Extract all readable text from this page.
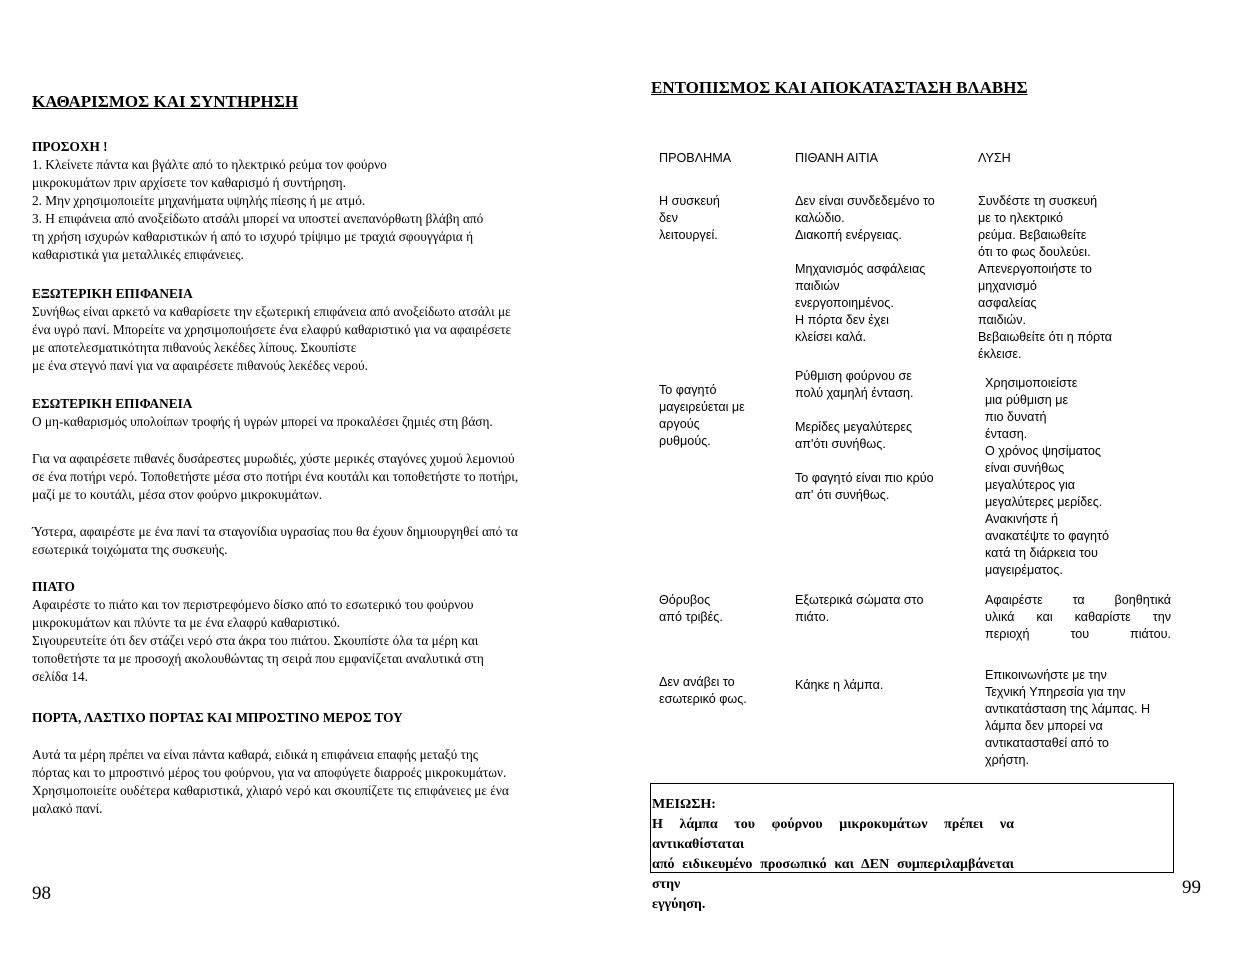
ΚΑΘΑΡΙΣΜΟΣ ΚΑΙ ΣΥΝΤΗΡΗΣΗ
ΠΡΟΣΟΧΗ !
1. Κλείνετε πάντα και βγάλτε από το ηλεκτρικό ρεύμα τον φούρνο
μικροκυμάτων πριν αρχίσετε τον καθαρισμό ή συντήρηση.
2. Μην χρησιμοποιείτε μηχανήματα υψηλής πίεσης ή με ατμό.
3. Η επιφάνεια από ανοξείδωτο ατσάλι μπορεί να υποστεί ανεπανόρθωτη βλάβη από
τη χρήση ισχυρών καθαριστικών ή από το ισχυρό τρίψιμο με τραχιά σφουγγάρια ή
καθαριστικά για μεταλλικές επιφάνειες.
ΕΞΩΤΕΡΙΚΗ ΕΠΙΦΑΝΕΙΑ
Συνήθως είναι αρκετό να καθαρίσετε την εξωτερική επιφάνεια από ανοξείδωτο ατσάλι με
ένα υγρό πανί. Μπορείτε να χρησιμοποιήσετε ένα ελαφρύ καθαριστικό για να αφαιρέσετε
με αποτελεσματικότητα πιθανούς λεκέδες λίπους. Σκουπίστε
με ένα στεγνό πανί για να αφαιρέσετε πιθανούς λεκέδες νερού.
ΕΣΩΤΕΡΙΚΗ ΕΠΙΦΑΝΕΙΑ
Ο μη-καθαρισμός υπολοίπων τροφής ή υγρών μπορεί να προκαλέσει ζημιές στη βάση.
Για να αφαιρέσετε πιθανές δυσάρεστες μυρωδιές, χύστε μερικές σταγόνες χυμού λεμονιού
σε ένα ποτήρι νερό. Τοποθετήστε μέσα στο ποτήρι ένα κουτάλι και τοποθετήστε το ποτήρι,
μαζί με το κουτάλι, μέσα στον φούρνο μικροκυμάτων.
Ύστερα, αφαιρέστε με ένα πανί τα σταγονίδια υγρασίας που θα έχουν δημιουργηθεί από τα
εσωτερικά τοιχώματα της συσκευής.
ΠΙΑΤΟ
Αφαιρέστε το πιάτο και τον περιστρεφόμενο δίσκο από το εσωτερικό του φούρνου
μικροκυμάτων και πλύντε τα με ένα ελαφρύ καθαριστικό.
Σιγουρευτείτε ότι δεν στάζει νερό στα άκρα του πιάτου. Σκουπίστε όλα τα μέρη και
τοποθετήστε τα με προσοχή ακολουθώντας τη σειρά που εμφανίζεται αναλυτικά στη
σελίδα 14.
ΠΟΡΤΑ, ΛΑΣΤΙΧΟ ΠΟΡΤΑΣ ΚΑΙ ΜΠΡΟΣΤΙΝΟ ΜΕΡΟΣ ΤΟΥ
Αυτά τα μέρη πρέπει να είναι πάντα καθαρά, ειδικά η επιφάνεια επαφής μεταξύ της
πόρτας και το μπροστινό μέρος του φούρνου, για να αποφύγετε διαρροές μικροκυμάτων.
Χρησιμοποιείτε ουδέτερα καθαριστικά, χλιαρό νερό και σκουπίζετε τις επιφάνειες με ένα
μαλακό πανί.
98
ΕΝΤΟΠΙΣΜΟΣ ΚΑΙ ΑΠΟΚΑΤΑΣΤΑΣΗ ΒΛΑΒΗΣ
ΠΡΟΒΛΗΜΑ	ΠΙΘΑΝΗ ΑΙΤΙΑ	ΛΥΣΗ
Η συσκευή
δεν
λειτουργεί.
Δεν είναι συνδεδεμένο το
καλώδιο.
Διακοπή ενέργειας.

Μηχανισμός ασφάλειας
παιδιών
ενεργοποιημένος.
Η πόρτα δεν έχει
κλείσει καλά.
Συνδέστε τη συσκευή
με το ηλεκτρικό
ρεύμα. Βεβαιωθείτε
ότι το φως δουλεύει.
Απενεργοποιήστε το
μηχανισμό
ασφαλείας
παιδιών.
Βεβαιωθείτε ότι η πόρτα
έκλεισε.
Το φαγητό
μαγειρεύεται με
αργούς
ρυθμούς.
Ρύθμιση φούρνου σε
πολύ χαμηλή ένταση.

Μερίδες μεγαλύτερες
απ'ότι συνήθως.

Το φαγητό είναι πιο κρύο
απ' ότι συνήθως.
Χρησιμοποιείστε
μια ρύθμιση με
πιο δυνατή
ένταση.
Ο χρόνος ψησίματος
είναι συνήθως
μεγαλύτερος για
μεγαλύτερες μερίδες.
Ανακινήστε ή
ανακατέψτε το φαγητό
κατά τη διάρκεια του
μαγειρέματος.
Θόρυβος
από τριβές.
Εξωτερικά σώματα στο
πιάτο.
Αφαιρέστε τα βοηθητικά
υλικά και καθαρίστε την
περιοχή του πιάτου.
Δεν ανάβει το
εσωτερικό φως.
Κάηκε η λάμπα.
Επικοινωνήστε με την
Τεχνική Υπηρεσία για την
αντικατάσταση της λάμπας. Η
λάμπα δεν μπορεί να
αντικατασταθεί από το
χρήστη.
ΜΕΙΩΣΗ:
Η λάμπα του φούρνου μικροκυμάτων πρέπει να αντικαθίσταται
από ειδικευμένο προσωπικό και ΔΕΝ συμπεριλαμβάνεται στην
εγγύηση.
99
